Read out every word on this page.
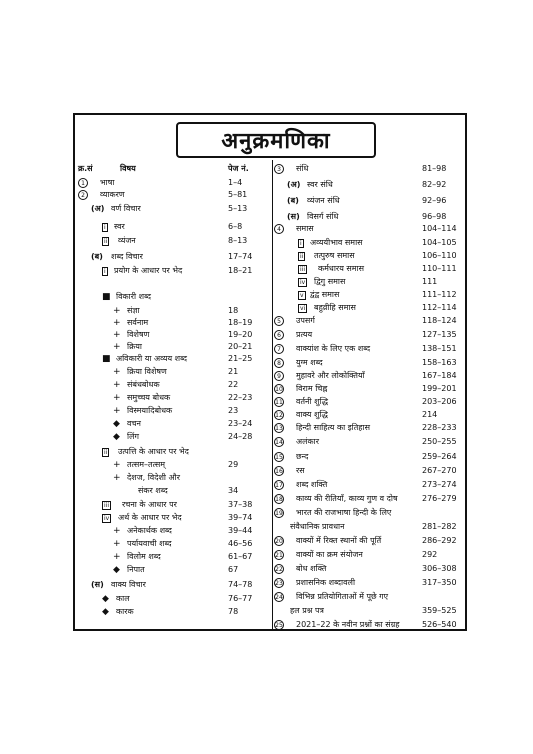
अनुक्रमणिका
क्र.सं	विषय	पेज नं.
1	भाषा	1–4
2	व्याकरण	5–81
(अ) वर्ण विचार	5–13
i स्वर	6–8
ii व्यंजन	8–13
(ब) शब्द विचार	17–74
i प्रयोग के आधार पर भेद	18–21
■ विकारी शब्द
+ संज्ञा	18
+ सर्वनाम	18–19
+ विशेषण	19–20
+ क्रिया	20–21
■ अविकारी या अव्यय शब्द	21–25
+ क्रिया विशेषण	21
+ संबंधबोधक	22
+ समुच्चय बोधक	22–23
+ विस्मयादिबोधक	23
◆ वचन	23–24
◆ लिंग	24–28
ii उत्पत्ति के आधार पर भेद
+ तत्सम–तत्सम्	29
+ देशज, विदेशी और
संकर शब्द	34
iii रचना के आधार पर	37–38
iv अर्थ के आधार पर भेद	39–74
+ अनेकार्थक शब्द	39–44
+ पर्यायवाची शब्द	46–56
+ विलोम शब्द	61–67
◆ निपात	67
(स) वाक्य विचार	74–78
◆ काल	76–77
◆ कारक	78
3	संधि	81–98
(अ) स्वर संधि	82–92
(ब) व्यंजन संधि	92–96
(स) विसर्ग संधि	96–98
4	समास	104–114
i अव्ययीभाव समास	104–105
ii तत्पुरुष समास	106–110
iii कर्मधारय समास	110–111
iv द्विगु समास	111
v द्वंद्व समास	111–112
vi बहुव्रीहि समास	112–114
5	उपसर्ग	118–124
6	प्रत्यय	127–135
7	वाक्यांश के लिए एक शब्द	138–151
8	युग्म शब्द	158–163
9	मुहावरे और लोकोक्तियाँ	167–184
10 विराम चिह्न	199–201
11 वर्तनी शुद्धि	203–206
12 वाक्य शुद्धि	214
13 हिन्दी साहित्य का इतिहास	228–233
14 अलंकार	250–255
15 छन्द	259–264
16 रस	267–270
17 शब्द शक्ति	273–274
18 काव्य की रीतियाँ, काव्य गुण व दोष	276–279
19 भारत की राजभाषा हिन्दी के लिए
संवैधानिक प्रावधान	281–282
20 वाक्यों में रिक्त स्थानों की पूर्ति	286–292
21 वाक्यों का क्रम संयोजन	292
22 बोध शक्ति	306–308
23 प्रशासनिक शब्दावली	317–350
24 विभिन्न प्रतियोगिताओं में पूछे गए
हल प्रश्न पत्र	359–525
25 2021–22 के नवीन प्रश्नों का संग्रह	526–540
